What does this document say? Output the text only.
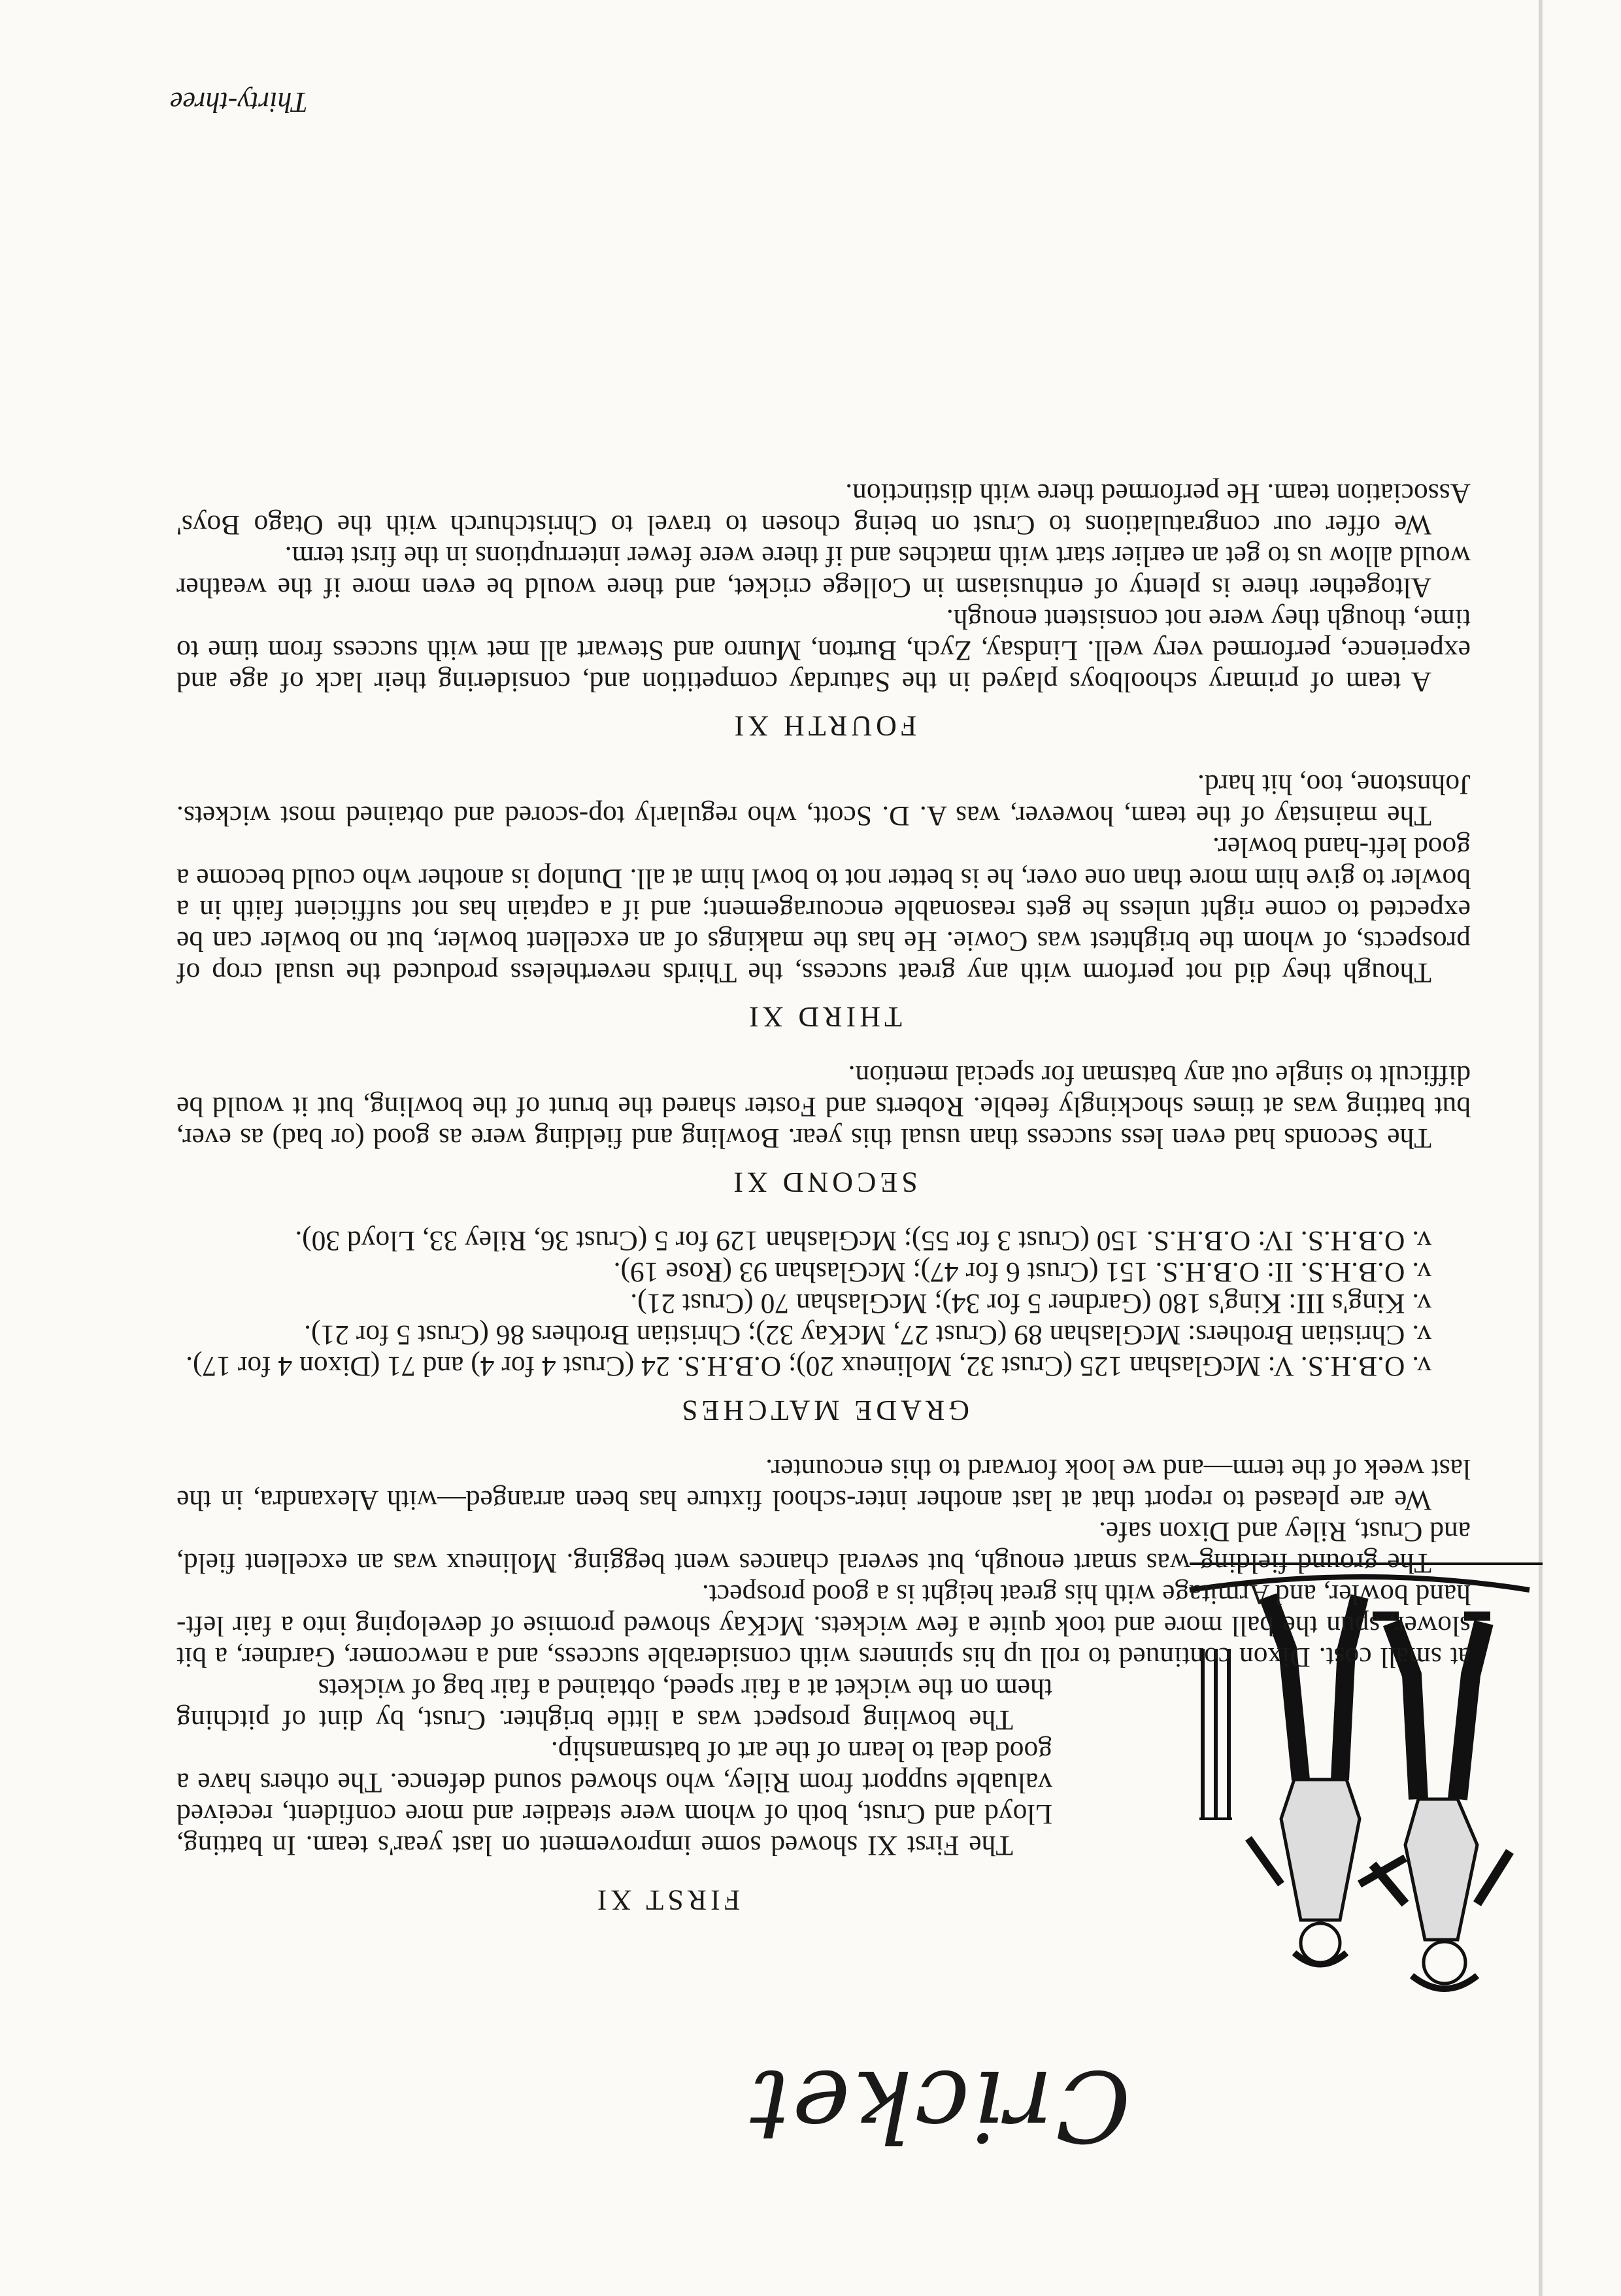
Cricket
FIRST XI

The First XI showed some improvement on last year's team. In batting, Lloyd and Crust, both of whom were steadier and more confident, received valuable support from Riley, who showed sound defence. The others have a good deal to learn of the art of batsmanship.

The bowling prospect was a little brighter. Crust, by dint of pitching them on the wicket at a fair speed, obtained a fair bag of wickets

at small cost. Dixon continued to roll up his spinners with considerable success, and a newcomer, Gardner, a bit slower, spun the ball more and took quite a few wickets. McKay showed promise of developing into a fair left-hand bowler, and Armitage with his great height is a good prospect.

The ground fielding was smart enough, but several chances went begging. Molineux was an excellent field, and Crust, Riley and Dixon safe.

We are pleased to report that at last another inter-school fixture has been arranged—with Alexandra, in the last week of the term—and we look forward to this encounter.

GRADE MATCHES

v. O.B.H.S. V: McGlashan 125 (Crust 32, Molineux 20); O.B.H.S. 24 (Crust 4 for 4) and 71 (Dixon 4 for 17).

v. Christian Brothers: McGlashan 89 (Crust 27, McKay 32); Christian Brothers 86 (Crust 5 for 21).

v. King's III: King's 180 (Gardner 5 for 34); McGlashan 70 (Crust 21).

v. O.B.H.S. II: O.B.H.S. 151 (Crust 6 for 47); McGlashan 93 (Rose 19).

v. O.B.H.S. IV: O.B.H.S. 150 (Crust 3 for 55); McGlashan 129 for 5 (Crust 36, Riley 33, Lloyd 30).

SECOND XI

The Seconds had even less success than usual this year. Bowling and fielding were as good (or bad) as ever, but batting was at times shockingly feeble. Roberts and Foster shared the brunt of the bowling, but it would be difficult to single out any batsman for special mention.

THIRD XI

Though they did not perform with any great success, the Thirds nevertheless produced the usual crop of prospects, of whom the brightest was Cowie. He has the makings of an excellent bowler, but no bowler can be expected to come right unless he gets reasonable encouragement; and if a captain has not sufficient faith in a bowler to give him more than one over, he is better not to bowl him at all. Dunlop is another who could become a good left-hand bowler.

The mainstay of the team, however, was A. D. Scott, who regularly top-scored and obtained most wickets. Johnstone, too, hit hard.

FOURTH XI

A team of primary schoolboys played in the Saturday competition and, considering their lack of age and experience, performed very well. Lindsay, Zych, Burton, Munro and Stewart all met with success from time to time, though they were not consistent enough.

Altogether there is plenty of enthusiasm in College cricket, and there would be even more if the weather would allow us to get an earlier start with matches and if there were fewer interruptions in the first term.

We offer our congratulations to Crust on being chosen to travel to Christchurch with the Otago Boys' Association team. He performed there with distinction.

Thirty-three
